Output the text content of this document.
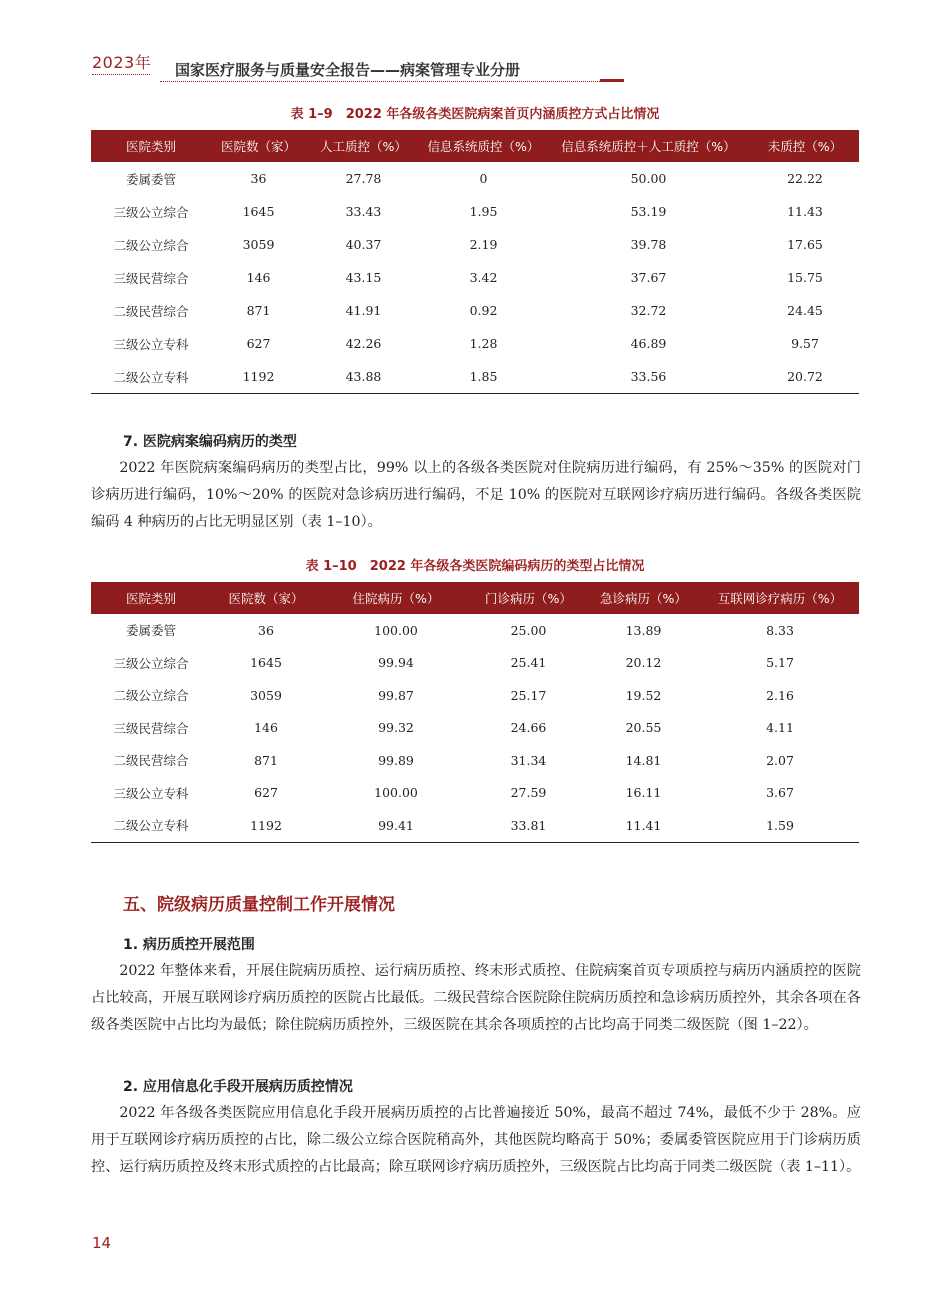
2023年 国家医疗服务与质量安全报告——病案管理专业分册
表 1–9　2022 年各级各类医院病案首页内涵质控方式占比情况
医院类别	医院数（家）	人工质控（%）	信息系统质控（%）	信息系统质控＋人工质控（%）	未质控（%）
委属委管	36	27.78	0	50.00	22.22
三级公立综合	1645	33.43	1.95	53.19	11.43
二级公立综合	3059	40.37	2.19	39.78	17.65
三级民营综合	146	43.15	3.42	37.67	15.75
二级民营综合	871	41.91	0.92	32.72	24.45
三级公立专科	627	42.26	1.28	46.89	9.57
二级公立专科	1192	43.88	1.85	33.56	20.72
7. 医院病案编码病历的类型

2022 年医院病案编码病历的类型占比，99% 以上的各级各类医院对住院病历进行编码，有 25%～35% 的医院对门诊病历进行编码，10%～20% 的医院对急诊病历进行编码，不足 10% 的医院对互联网诊疗病历进行编码。各级各类医院编码 4 种病历的占比无明显区别（表 1–10）。

表 1–10　2022 年各级各类医院编码病历的类型占比情况
医院类别	医院数（家）	住院病历（%）	门诊病历（%）	急诊病历（%）	互联网诊疗病历（%）
委属委管	36	100.00	25.00	13.89	8.33
三级公立综合	1645	99.94	25.41	20.12	5.17
二级公立综合	3059	99.87	25.17	19.52	2.16
三级民营综合	146	99.32	24.66	20.55	4.11
二级民营综合	871	99.89	31.34	14.81	2.07
三级公立专科	627	100.00	27.59	16.11	3.67
二级公立专科	1192	99.41	33.81	11.41	1.59
五、院级病历质量控制工作开展情况
1. 病历质控开展范围

2022 年整体来看，开展住院病历质控、运行病历质控、终末形式质控、住院病案首页专项质控与病历内涵质控的医院占比较高，开展互联网诊疗病历质控的医院占比最低。二级民营综合医院除住院病历质控和急诊病历质控外，其余各项在各级各类医院中占比均为最低；除住院病历质控外，三级医院在其余各项质控的占比均高于同类二级医院（图 1–22）。

2. 应用信息化手段开展病历质控情况

2022 年各级各类医院应用信息化手段开展病历质控的占比普遍接近 50%，最高不超过 74%，最低不少于 28%。应用于互联网诊疗病历质控的占比，除二级公立综合医院稍高外，其他医院均略高于 50%；委属委管医院应用于门诊病历质控、运行病历质控及终末形式质控的占比最高；除互联网诊疗病历质控外，三级医院占比均高于同类二级医院（表 1–11）。

14
